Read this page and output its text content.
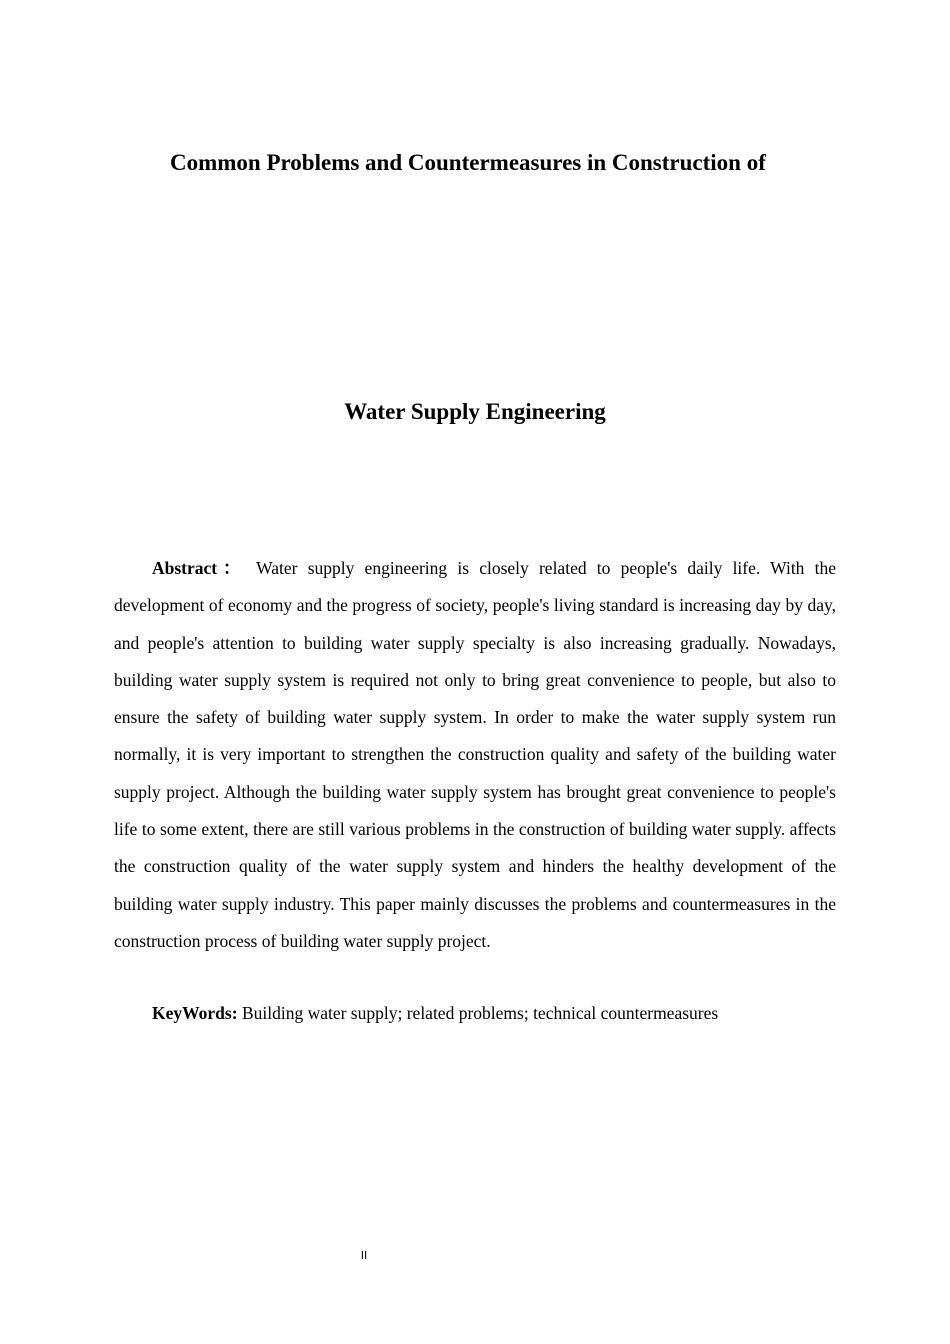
Common Problems and Countermeasures in Construction of
Water Supply Engineering

Abstract： Water supply engineering is closely related to people's daily life. With the development of economy and the progress of society, people's living standard is increasing day by day, and people's attention to building water supply specialty is also increasing gradually. Nowadays, building water supply system is required not only to bring great convenience to people, but also to ensure the safety of building water supply system. In order to make the water supply system run normally, it is very important to strengthen the construction quality and safety of the building water supply project. Although the building water supply system has brought great convenience to people's life to some extent, there are still various problems in the construction of building water supply. affects the construction quality of the water supply system and hinders the healthy development of the building water supply industry. This paper mainly discusses the problems and countermeasures in the construction process of building water supply project.

KeyWords: Building water supply; related problems; technical countermeasures
II
